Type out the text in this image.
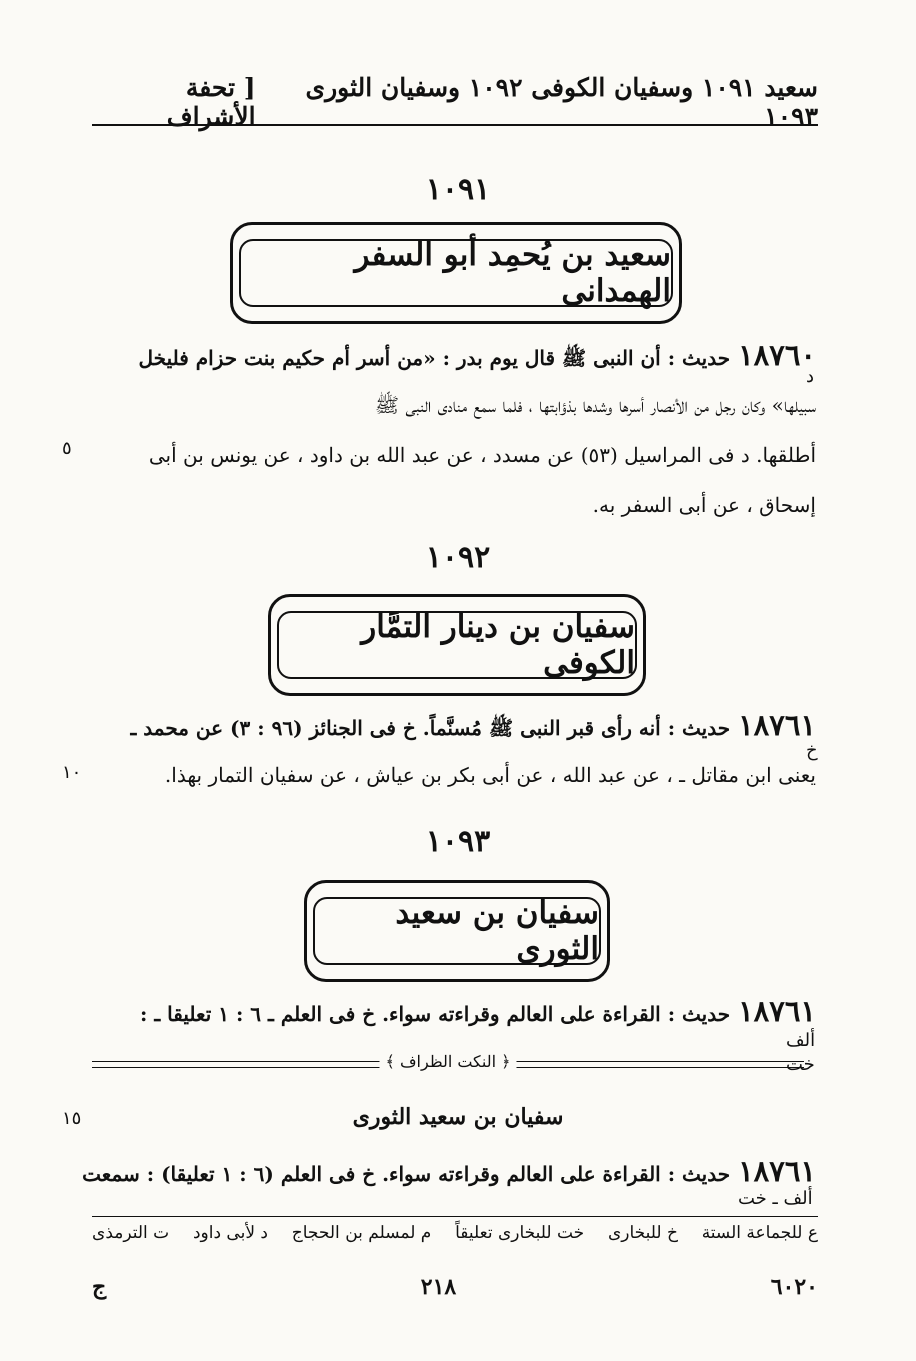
سعيد ١٠٩١ وسفيان الكوفى ١٠٩٢ وسفيان الثورى ١٠٩٣
[ تحفة الأشراف
١٠٩١
سعيد بن يُحمِد أبو السفر الهمدانى
١٨٧٦٠حديث : أن النبى ﷺ قال يوم بدر : «من أسر أم حكيم بنت حزام فليخل
سبيلها» وكان رجل من الأنصار أسرها وشدها بذؤابتها ، فلما سمع منادى النبى ﷺ
أطلقها. د فى المراسيل (٥٣) عن مسدد ، عن عبد الله بن داود ، عن يونس بن أبى
إسحاق ، عن أبى السفر به.
د
٥
١٠٩٢
سفيان بن دينار التمَّار الكوفى
١٨٧٦١حديث : أنه رأى قبر النبى ﷺ مُسنَّماً. خ فى الجنائز (٩٦ : ٣) عن محمد ـ
يعنى ابن مقاتل ـ ، عن عبد الله ، عن أبى بكر بن عياش ، عن سفيان التمار بهذا.
خ
١٠
١٠٩٣
سفيان بن سعيد الثورى
١٨٧٦١حديث : القراءة على العالم وقراءته سواء. خ فى العلم ـ ٦ : ١ تعليقا ـ :
ألف
خت
﴿ النكت الظراف ﴾
سفيان بن سعيد الثورى
١٥
١٨٧٦١حديث : القراءة على العالم وقراءته سواء. خ فى العلم (٦ : ١ تعليقا) : سمعت
ألف ـ خت
ع للجماعة الستة
خ للبخارى
خت للبخارى تعليقاً
م لمسلم بن الحجاج
د لأبى داود
ت الترمذى
٦٠٢٠
٢١٨
ج
